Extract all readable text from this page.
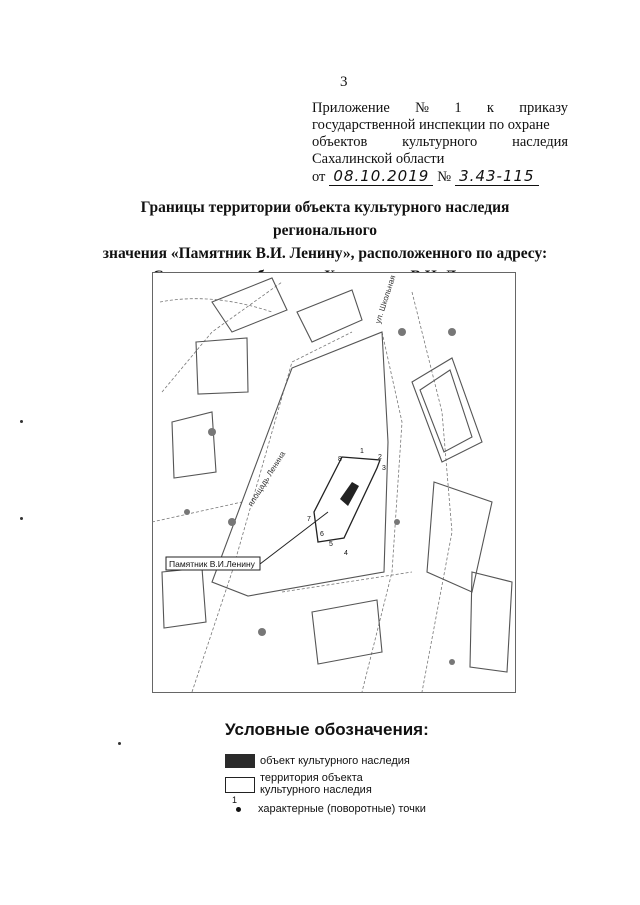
3
Приложение № 1 к приказу
государственной инспекции по охране
объектов культурного наследия
Сахалинской области
от 08.10.2019 № 3.43-115
Границы территории объекта культурного наследия регионального
значения «Памятник В.И. Ленину», расположенного по адресу:
ул. Школьная
площадь Ленина	1
2
3
4
5
6
7
8
Памятник В.И.Ленину
Условные обозначения:
объект культурного наследия
территория объекта культурного наследия
1
характерные (поворотные) точки
